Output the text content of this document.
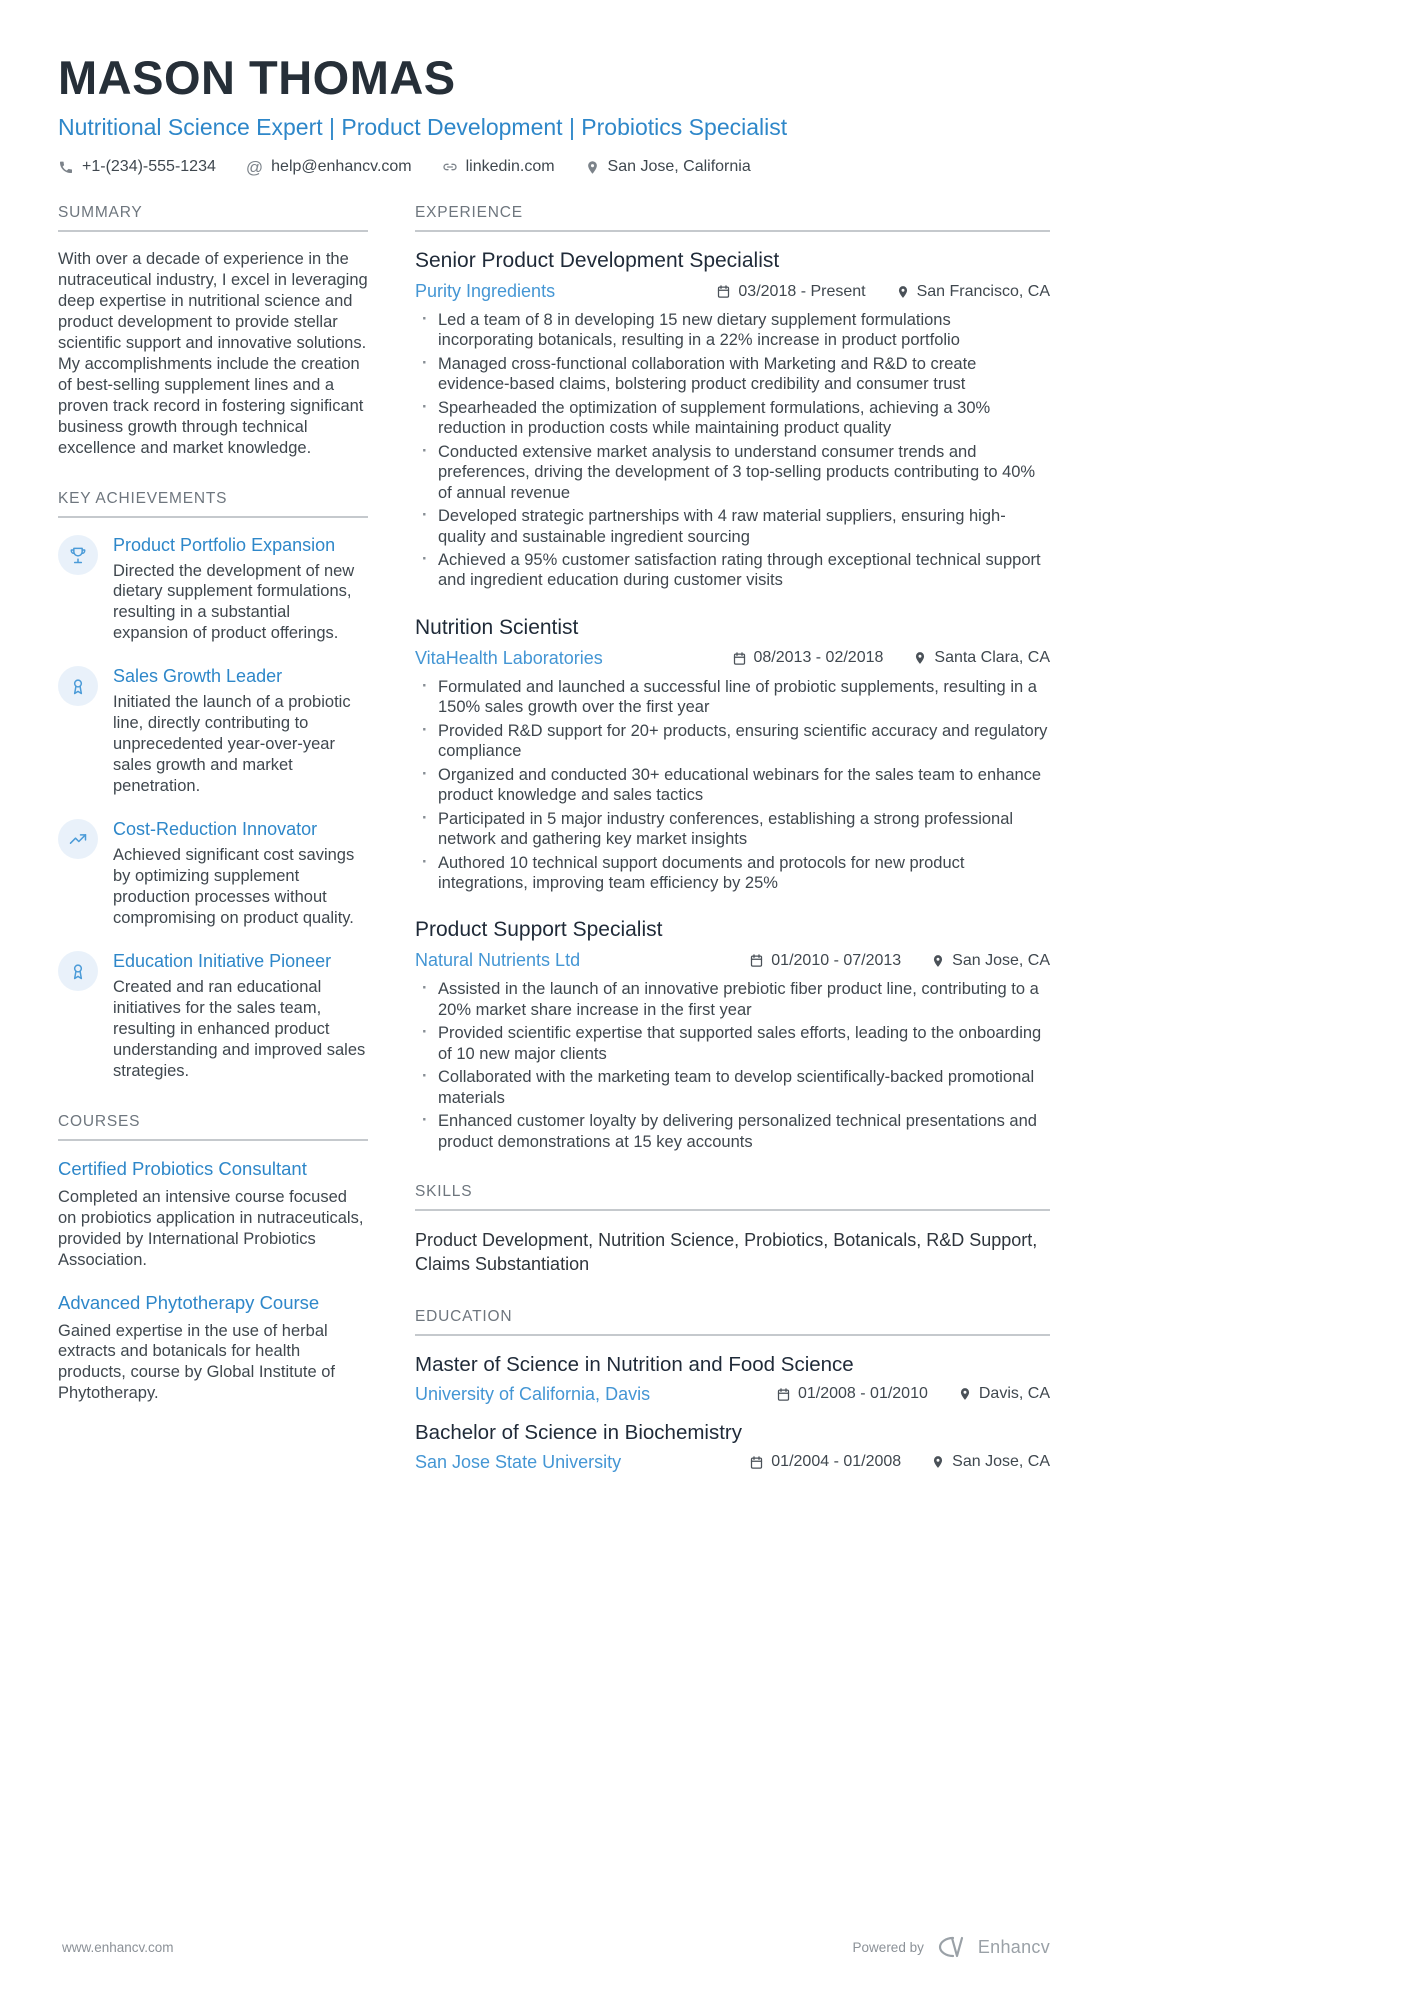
MASON THOMAS
Nutritional Science Expert | Product Development | Probiotics Specialist
+1-(234)-555-1234 @ help@enhancv.com	linkedin.com	San Jose, California
SUMMARY
With over a decade of experience in the nutraceutical industry, I excel in leveraging deep expertise in nutritional science and product development to provide stellar scientific support and innovative solutions. My accomplishments include the creation of best-selling supplement lines and a proven track record in fostering significant business growth through technical excellence and market knowledge.
KEY ACHIEVEMENTS
Product Portfolio Expansion
Directed the development of new dietary supplement formulations, resulting in a substantial expansion of product offerings.
Sales Growth Leader
Initiated the launch of a probiotic line, directly contributing to unprecedented year-over-year sales growth and market penetration.
Cost-Reduction Innovator
Achieved significant cost savings by optimizing supplement production processes without compromising on product quality.
Education Initiative Pioneer
Created and ran educational initiatives for the sales team, resulting in enhanced product understanding and improved sales strategies.
COURSES
Certified Probiotics Consultant
Completed an intensive course focused on probiotics application in nutraceuticals, provided by International Probiotics Association.
Advanced Phytotherapy Course
Gained expertise in the use of herbal extracts and botanicals for health products, course by Global Institute of Phytotherapy.
EXPERIENCE
Senior Product Development Specialist
Purity Ingredients	03/2018 - Present	San Francisco, CA
· Led a team of 8 in developing 15 new dietary supplement formulations incorporating botanicals, resulting in a 22% increase in product portfolio
· Managed cross-functional collaboration with Marketing and R&D to create evidence-based claims, bolstering product credibility and consumer trust
· Spearheaded the optimization of supplement formulations, achieving a 30% reduction in production costs while maintaining product quality
· Conducted extensive market analysis to understand consumer trends and preferences, driving the development of 3 top-selling products contributing to 40% of annual revenue
· Developed strategic partnerships with 4 raw material suppliers, ensuring high-quality and sustainable ingredient sourcing
· Achieved a 95% customer satisfaction rating through exceptional technical support and ingredient education during customer visits
Nutrition Scientist
VitaHealth Laboratories	08/2013 - 02/2018	Santa Clara, CA
· Formulated and launched a successful line of probiotic supplements, resulting in a 150% sales growth over the first year
· Provided R&D support for 20+ products, ensuring scientific accuracy and regulatory compliance
· Organized and conducted 30+ educational webinars for the sales team to enhance product knowledge and sales tactics
· Participated in 5 major industry conferences, establishing a strong professional network and gathering key market insights
· Authored 10 technical support documents and protocols for new product integrations, improving team efficiency by 25%
Product Support Specialist
Natural Nutrients Ltd	01/2010 - 07/2013	San Jose, CA
· Assisted in the launch of an innovative prebiotic fiber product line, contributing to a 20% market share increase in the first year
· Provided scientific expertise that supported sales efforts, leading to the onboarding of 10 new major clients
· Collaborated with the marketing team to develop scientifically-backed promotional materials
· Enhanced customer loyalty by delivering personalized technical presentations and product demonstrations at 15 key accounts
SKILLS
Product Development, Nutrition Science, Probiotics, Botanicals, R&D Support, Claims Substantiation
EDUCATION
Master of Science in Nutrition and Food Science
University of California, Davis	01/2008 - 01/2010	Davis, CA
Bachelor of Science in Biochemistry
San Jose State University	01/2004 - 01/2008	San Jose, CA
www.enhancv.com	Powered by	Enhancv
